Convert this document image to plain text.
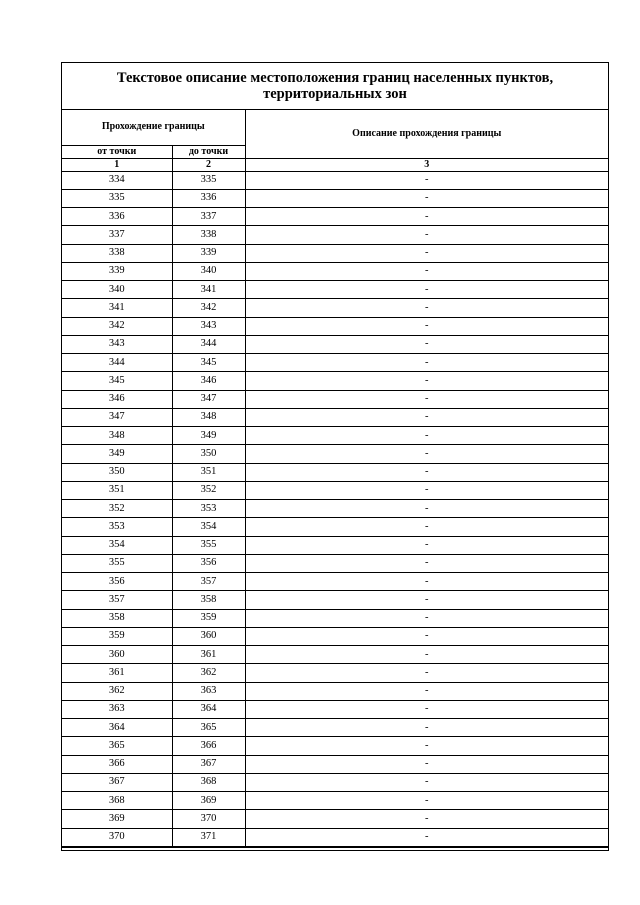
Текстовое описание местоположения границ населенных пунктов,
территориальных зон
Прохождение границы		Описание прохождения границы
от точки	до точки	
1	2	3
334	335	-
335	336	-
336	337	-
337	338	-
338	339	-
339	340	-
340	341	-
341	342	-
342	343	-
343	344	-
344	345	-
345	346	-
346	347	-
347	348	-
348	349	-
349	350	-
350	351	-
351	352	-
352	353	-
353	354	-
354	355	-
355	356	-
356	357	-
357	358	-
358	359	-
359	360	-
360	361	-
361	362	-
362	363	-
363	364	-
364	365	-
365	366	-
366	367	-
367	368	-
368	369	-
369	370	-
370	371	-
